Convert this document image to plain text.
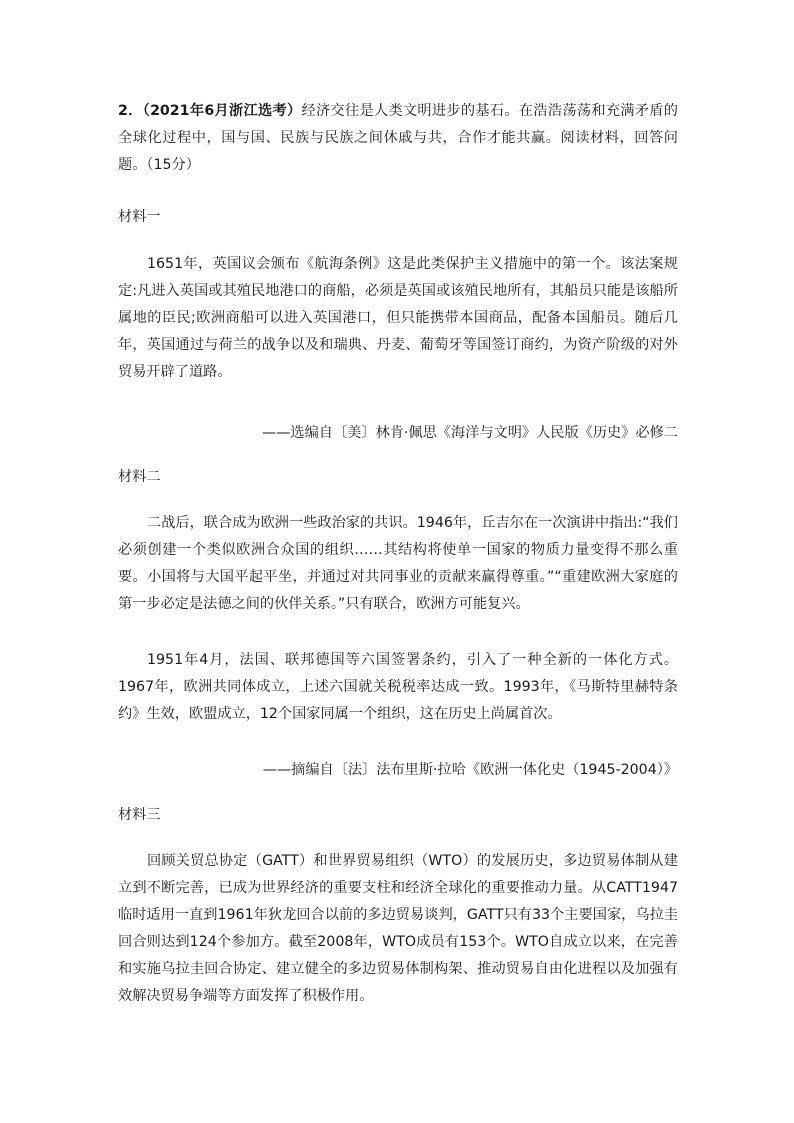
2．（2021年6月浙江选考）经济交往是人类文明进步的基石。在浩浩荡荡和充满矛盾的全球化过程中，国与国、民族与民族之间休戚与共，合作才能共赢。阅读材料，回答问题。（15分）
材料一
1651年，英国议会颁布《航海条例》这是此类保护主义措施中的第一个。该法案规定:凡进入英国或其殖民地港口的商船，必须是英国或该殖民地所有，其船员只能是该船所属地的臣民;欧洲商船可以进入英国港口，但只能携带本国商品，配备本国船员。随后几年，英国通过与荷兰的战争以及和瑞典、丹麦、葡萄牙等国签订商约，为资产阶级的对外贸易开辟了道路。
——选编自〔美〕林肯·佩思《海洋与文明》人民版《历史》必修二
材料二
二战后，联合成为欧洲一些政治家的共识。1946年，丘吉尔在一次演讲中指出:“我们必须创建一个类似欧洲合众国的组织……其结构将使单一国家的物质力量变得不那么重要。小国将与大国平起平坐，并通过对共同事业的贡献来赢得尊重。”“重建欧洲大家庭的第一步必定是法德之间的伙伴关系。”只有联合，欧洲方可能复兴。
1951年4月，法国、联邦德国等六国签署条约，引入了一种全新的一体化方式。1967年，欧洲共同体成立，上述六国就关税税率达成一致。1993年，《马斯特里赫特条约》生效，欧盟成立，12个国家同属一个组织，这在历史上尚属首次。
——摘编自〔法〕法布里斯·拉哈《欧洲一体化史（1945-2004）》
材料三
回顾关贸总协定（GATT）和世界贸易组织（WTO）的发展历史，多边贸易体制从建立到不断完善，已成为世界经济的重要支柱和经济全球化的重要推动力量。从CATT1947临时适用一直到1961年狄龙回合以前的多边贸易谈判，GATT只有33个主要国家，乌拉圭回合则达到124个参加方。截至2008年，WTO成员有153个。WTO自成立以来，在完善和实施乌拉圭回合协定、建立健全的多边贸易体制构架、推动贸易自由化进程以及加强有效解决贸易争端等方面发挥了积极作用。
